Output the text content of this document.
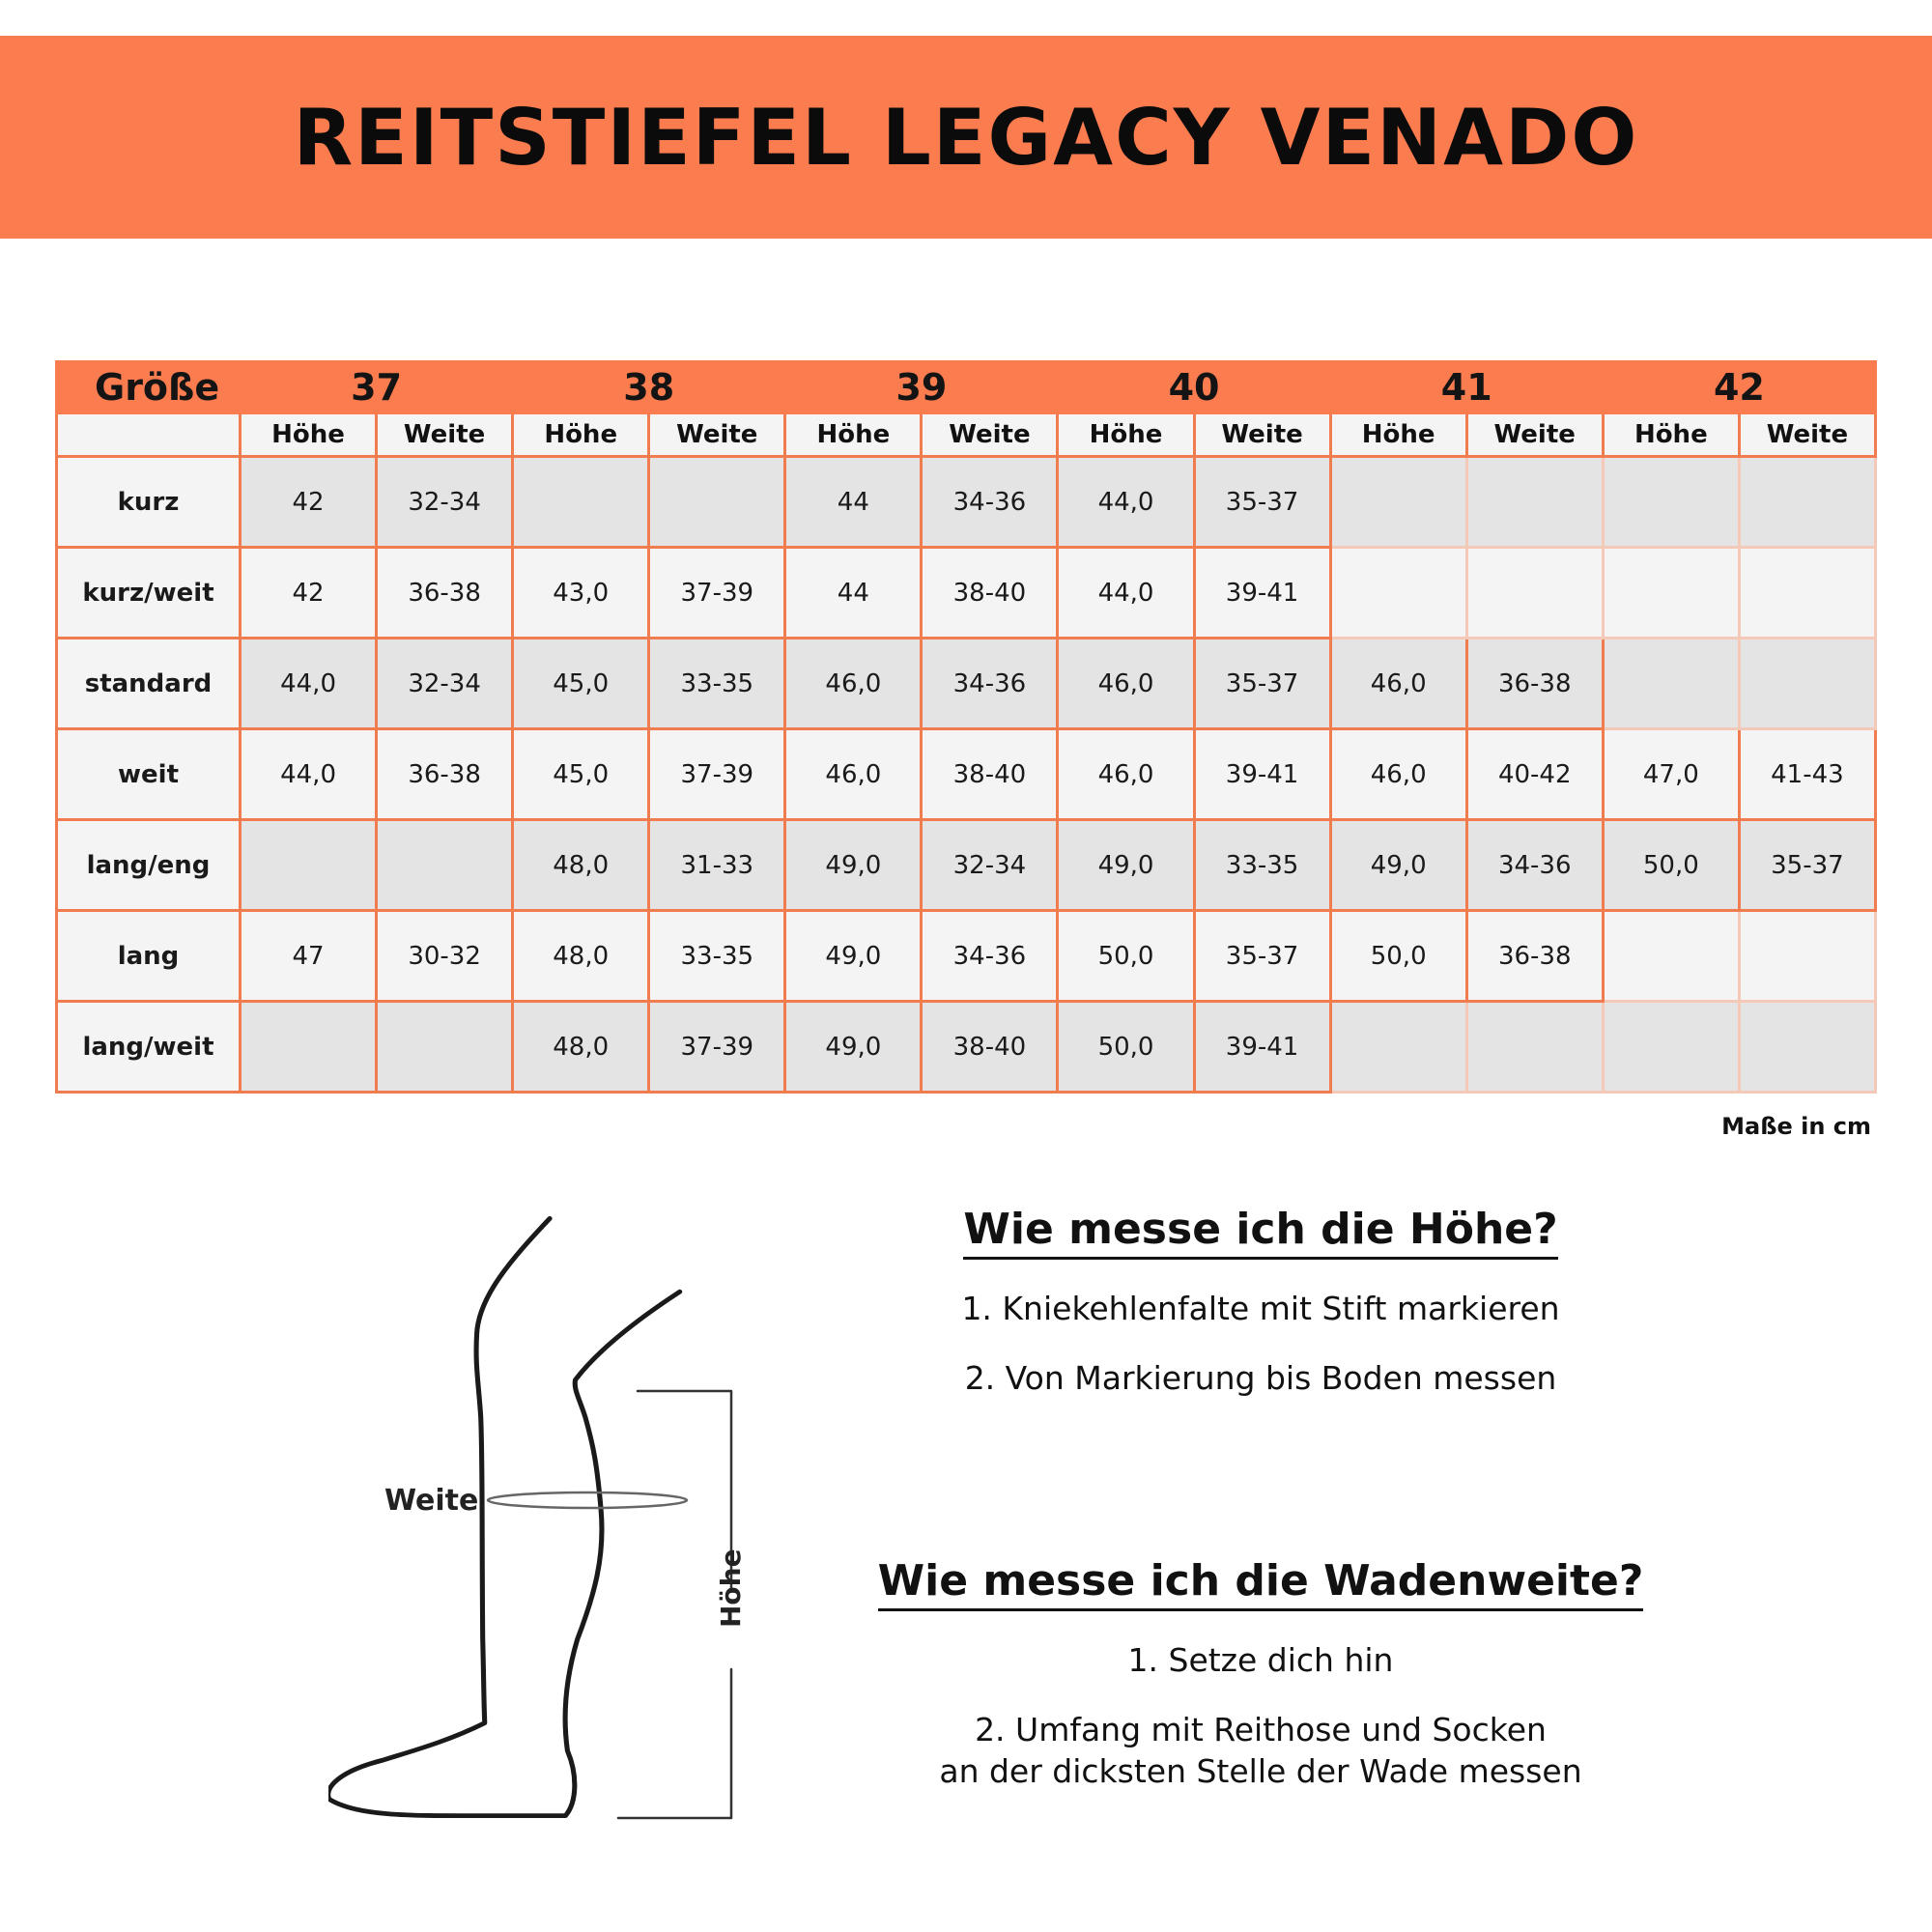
REITSTIEFEL LEGACY VENADO
Größe	37		38		39		40		41		42	
	Höhe	Weite	Höhe	Weite	Höhe	Weite	Höhe	Weite	Höhe	Weite	Höhe	Weite
kurz	42	32-34			44	34-36	44,0	35-37				
kurz/weit	42	36-38	43,0	37-39	44	38-40	44,0	39-41				
standard	44,0	32-34	45,0	33-35	46,0	34-36	46,0	35-37	46,0	36-38		
weit	44,0	36-38	45,0	37-39	46,0	38-40	46,0	39-41	46,0	40-42	47,0	41-43
lang/eng			48,0	31-33	49,0	32-34	49,0	33-35	49,0	34-36	50,0	35-37
lang	47	30-32	48,0	33-35	49,0	34-36	50,0	35-37	50,0	36-38		
lang/weit			48,0	37-39	49,0	38-40	50,0	39-41				
Maße in cm
Weite
Höhe
Wie messe ich die Höhe?

1. Kniekehlenfalte mit Stift markieren

2. Von Markierung bis Boden messen

Wie messe ich die Wadenweite?

1. Setze dich hin

2. Umfang mit Reithose und Socken
an der dicksten Stelle der Wade messen
